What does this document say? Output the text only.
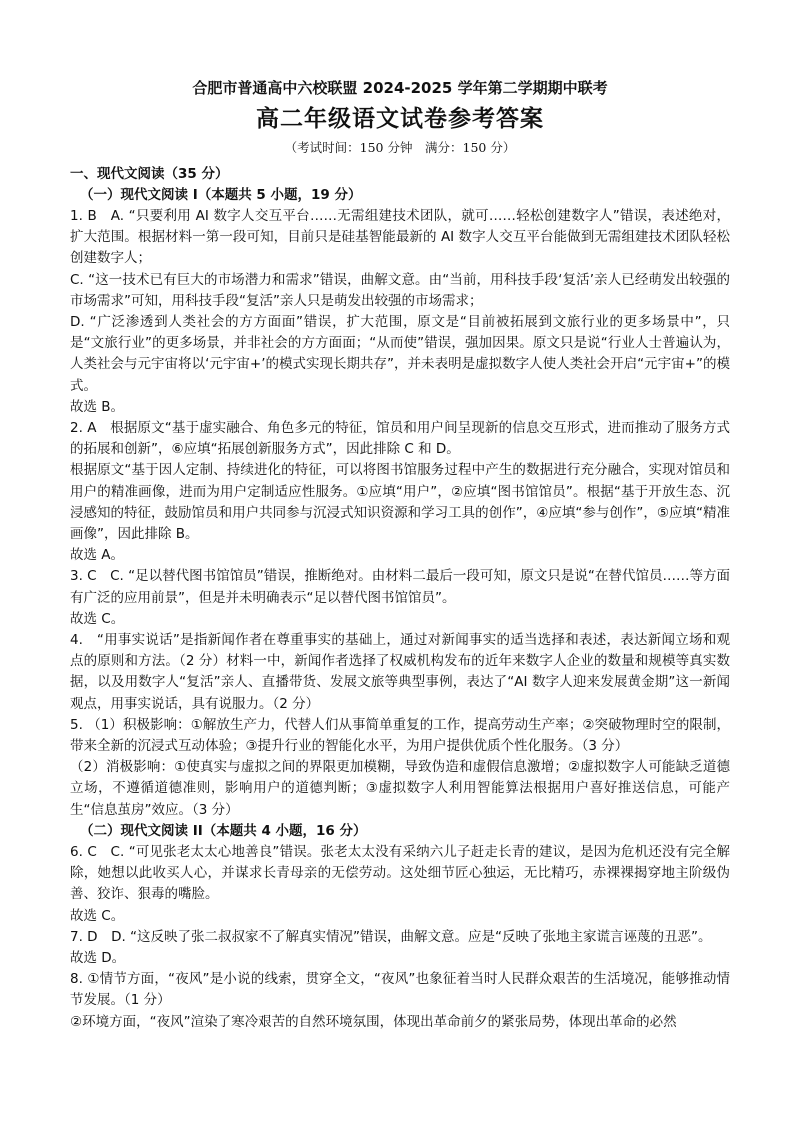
合肥市普通高中六校联盟 2024-2025 学年第二学期期中联考
高二年级语文试卷参考答案
（考试时间：150 分钟　满分：150 分）
一、现代文阅读（35 分）
（一）现代文阅读 I（本题共 5 小题，19 分）

1. B　A. “只要利用 AI 数字人交互平台……无需组建技术团队，就可……轻松创建数字人”错误，表述绝对，扩大范围。根据材料一第一段可知，目前只是硅基智能最新的 AI 数字人交互平台能做到无需组建技术团队轻松创建数字人；

C. “这一技术已有巨大的市场潜力和需求”错误，曲解文意。由“当前，用科技手段‘复活’亲人已经萌发出较强的市场需求”可知，用科技手段“复活”亲人只是萌发出较强的市场需求；

D. “广泛渗透到人类社会的方方面面”错误，扩大范围，原文是“目前被拓展到文旅行业的更多场景中”，只是“文旅行业”的更多场景，并非社会的方方面面；“从而使”错误，强加因果。原文只是说“行业人士普遍认为，人类社会与元宇宙将以‘元宇宙+’的模式实现长期共存”，并未表明是虚拟数字人使人类社会开启“元宇宙+”的模式。

故选 B。

2. A　根据原文“基于虚实融合、角色多元的特征，馆员和用户间呈现新的信息交互形式，进而推动了服务方式的拓展和创新”，⑥应填“拓展创新服务方式”，因此排除 C 和 D。

根据原文“基于因人定制、持续进化的特征，可以将图书馆服务过程中产生的数据进行充分融合，实现对馆员和用户的精准画像，进而为用户定制适应性服务。①应填“用户”，②应填“图书馆馆员”。根据“基于开放生态、沉浸感知的特征，鼓励馆员和用户共同参与沉浸式知识资源和学习工具的创作”，④应填“参与创作”，⑤应填“精准画像”，因此排除 B。

故选 A。

3. C　C. “足以替代图书馆馆员”错误，推断绝对。由材料二最后一段可知，原文只是说“在替代馆员……等方面有广泛的应用前景”，但是并未明确表示“足以替代图书馆馆员”。

故选 C。

4.　“用事实说话”是指新闻作者在尊重事实的基础上，通过对新闻事实的适当选择和表述，表达新闻立场和观点的原则和方法。（2 分）材料一中，新闻作者选择了权威机构发布的近年来数字人企业的数量和规模等真实数据，以及用数字人“复活”亲人、直播带货、发展文旅等典型事例，表达了“AI 数字人迎来发展黄金期”这一新闻观点，用事实说话，具有说服力。（2 分）

5. （1）积极影响：①解放生产力，代替人们从事简单重复的工作，提高劳动生产率；②突破物理时空的限制，带来全新的沉浸式互动体验；③提升行业的智能化水平，为用户提供优质个性化服务。（3 分）

（2）消极影响：①使真实与虚拟之间的界限更加模糊，导致伪造和虚假信息激增；②虚拟数字人可能缺乏道德立场，不遵循道德准则，影响用户的道德判断；③虚拟数字人利用智能算法根据用户喜好推送信息，可能产生“信息茧房”效应。（3 分）

（二）现代文阅读 II（本题共 4 小题，16 分）

6. C　C. “可见张老太太心地善良”错误。张老太太没有采纳六儿子赶走长青的建议，是因为危机还没有完全解除，她想以此收买人心，并谋求长青母亲的无偿劳动。这处细节匠心独运，无比精巧，赤裸裸揭穿地主阶级伪善、狡诈、狠毒的嘴脸。

故选 C。

7. D　D. “这反映了张二叔叔家不了解真实情况”错误，曲解文意。应是“反映了张地主家谎言诬蔑的丑恶”。

故选 D。

8. ①情节方面，“夜风”是小说的线索，贯穿全文，“夜风”也象征着当时人民群众艰苦的生活境况，能够推动情节发展。（1 分）

②环境方面，“夜风”渲染了寒冷艰苦的自然环境氛围，体现出革命前夕的紧张局势，体现出革命的必然
